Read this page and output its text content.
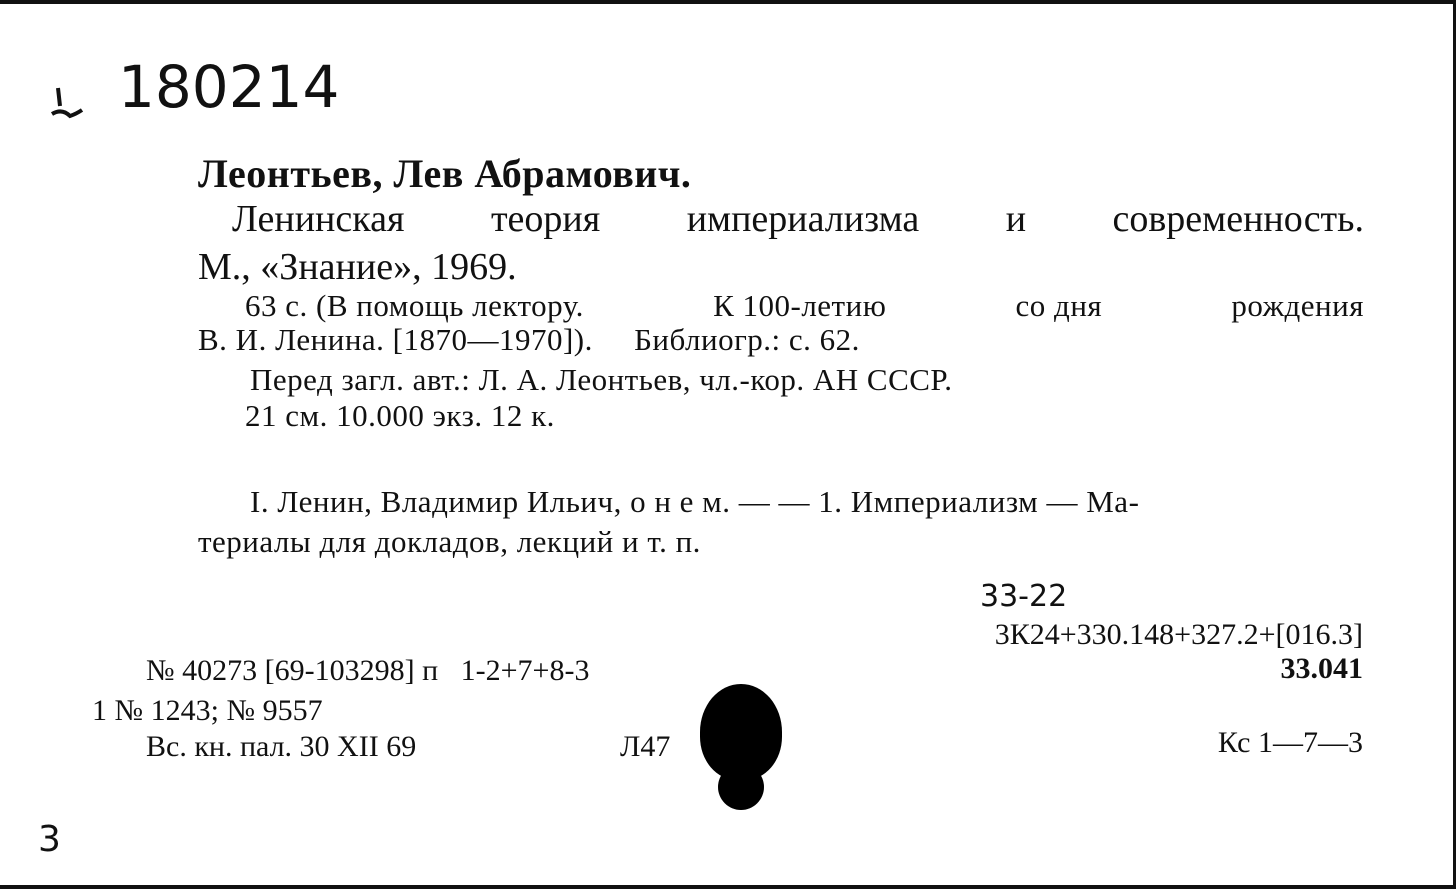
180214
Леонтьев, Лев Абрамович.
Ленинская теория империализма и современность.
М., «Знание», 1969.
63 с. (В помощь лектору.	К 100-летию	со дня	рождения
В. И. Ленина. [1870—1970]).     Библиогр.: с. 62.
Перед загл. авт.: Л. А. Леонтьев, чл.-кор. АН СССР.
21 см. 10.000 экз. 12 к.
I. Ленин, Владимир Ильич, о н е м. — — 1. Империализм — Ма-
териалы для докладов, лекций и т. п.
33-22
3К24+330.148+327.2+[016.3]
33.041
№ 40273 [69-103298] п   1-2+7+8-3
1 № 1243; № 9557
Вс. кн. пал. 30 XII 69	Л47	Кс 1—7—3
3
